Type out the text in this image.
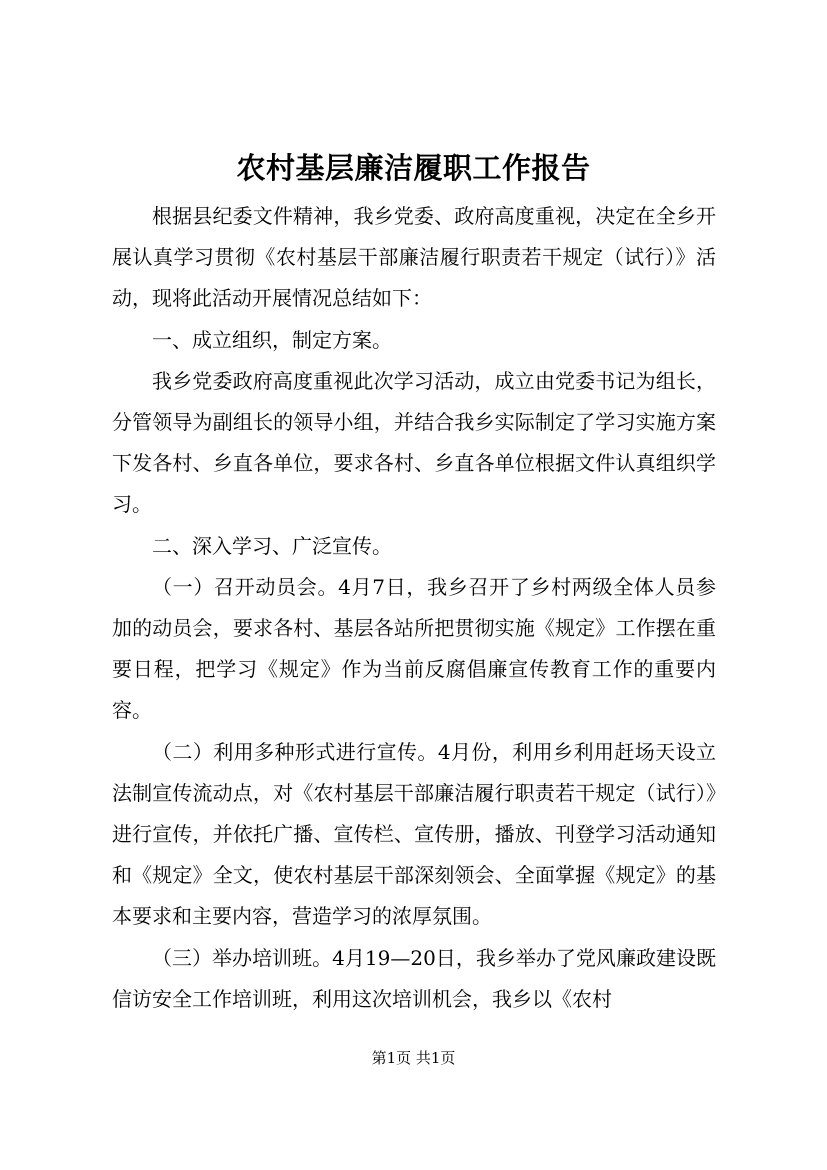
农村基层廉洁履职工作报告

根据县纪委文件精神，我乡党委、政府高度重视，决定在全乡开展认真学习贯彻《农村基层干部廉洁履行职责若干规定（试行）》活动，现将此活动开展情况总结如下：

一、成立组织，制定方案。

我乡党委政府高度重视此次学习活动，成立由党委书记为组长，分管领导为副组长的领导小组，并结合我乡实际制定了学习实施方案下发各村、乡直各单位，要求各村、乡直各单位根据文件认真组织学习。

二、深入学习、广泛宣传。

（一）召开动员会。4月7日，我乡召开了乡村两级全体人员参加的动员会，要求各村、基层各站所把贯彻实施《规定》工作摆在重要日程，把学习《规定》作为当前反腐倡廉宣传教育工作的重要内容。

（二）利用多种形式进行宣传。4月份，利用乡利用赶场天设立法制宣传流动点，对《农村基层干部廉洁履行职责若干规定（试行）》进行宣传，并依托广播、宣传栏、宣传册，播放、刊登学习活动通知和《规定》全文，使农村基层干部深刻领会、全面掌握《规定》的基本要求和主要内容，营造学习的浓厚氛围。

（三）举办培训班。4月19—20日，我乡举办了党风廉政建设既信访安全工作培训班，利用这次培训机会，我乡以《农村

第1页 共1页
